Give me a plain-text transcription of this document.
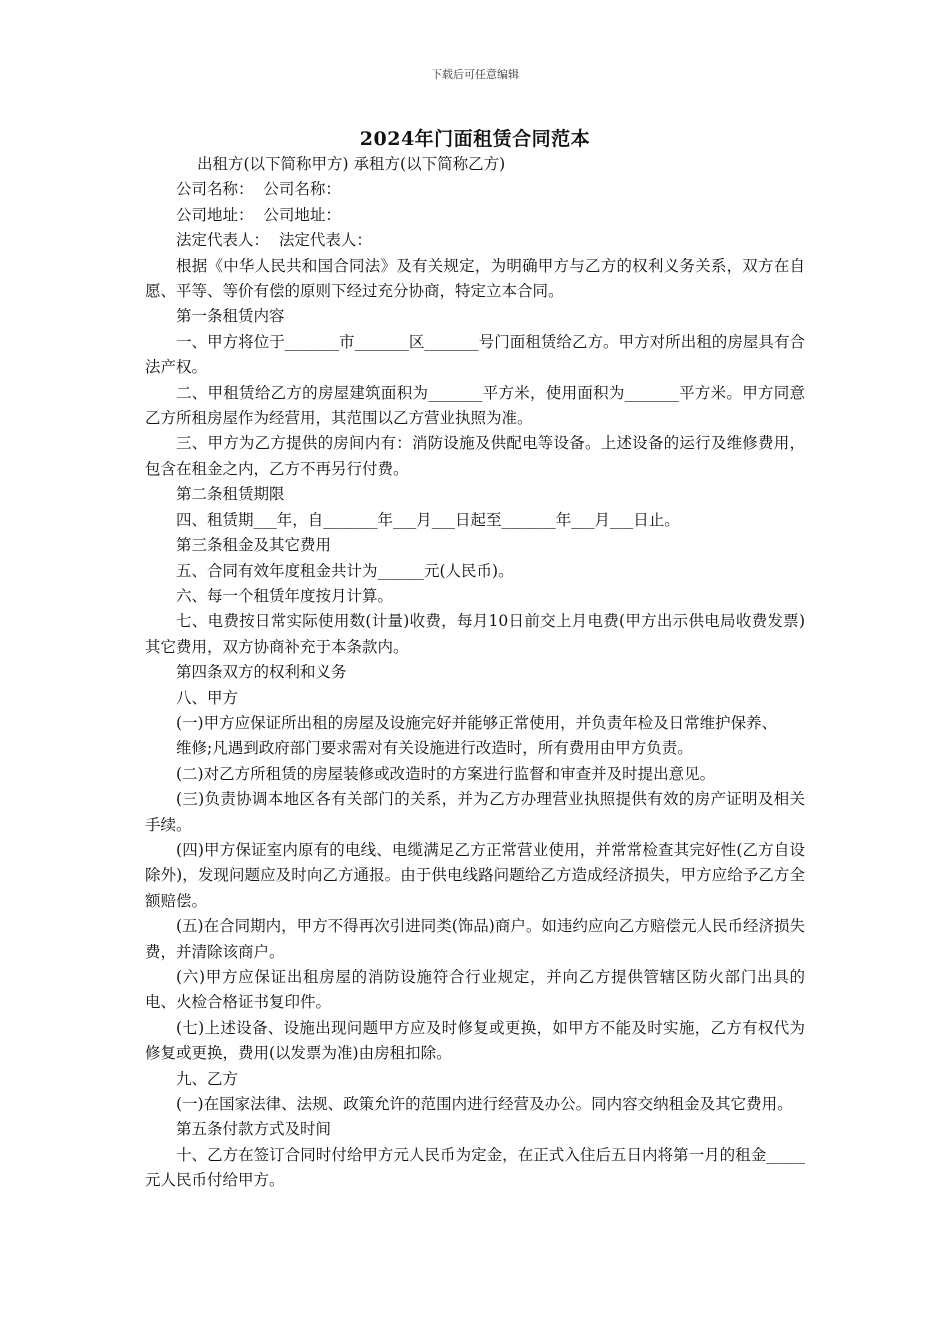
下载后可任意编辑
2024年门面租赁合同范本

出租方(以下简称甲方) 承租方(以下简称乙方)

公司名称：  公司名称：

公司地址：  公司地址：

法定代表人：  法定代表人：

根据《中华人民共和国合同法》及有关规定，为明确甲方与乙方的权利义务关系，双方在自愿、平等、等价有偿的原则下经过充分协商，特定立本合同。

第一条租赁内容

一、甲方将位于_______市_______区_______号门面租赁给乙方。甲方对所出租的房屋具有合法产权。

二、甲租赁给乙方的房屋建筑面积为_______平方米，使用面积为_______平方米。甲方同意乙方所租房屋作为经营用，其范围以乙方营业执照为准。

三、甲方为乙方提供的房间内有：消防设施及供配电等设备。上述设备的运行及维修费用，包含在租金之内，乙方不再另行付费。

第二条租赁期限

四、租赁期___年，自_______年___月___日起至_______年___月___日止。

第三条租金及其它费用

五、合同有效年度租金共计为______元(人民币)。

六、每一个租赁年度按月计算。

七、电费按日常实际使用数(计量)收费，每月10日前交上月电费(甲方出示供电局收费发票)其它费用，双方协商补充于本条款内。

第四条双方的权利和义务

八、甲方

(一)甲方应保证所出租的房屋及设施完好并能够正常使用，并负责年检及日常维护保养、

维修;凡遇到政府部门要求需对有关设施进行改造时，所有费用由甲方负责。

(二)对乙方所租赁的房屋装修或改造时的方案进行监督和审查并及时提出意见。

(三)负责协调本地区各有关部门的关系，并为乙方办理营业执照提供有效的房产证明及相关手续。

(四)甲方保证室内原有的电线、电缆满足乙方正常营业使用，并常常检查其完好性(乙方自设除外)，发现问题应及时向乙方通报。由于供电线路问题给乙方造成经济损失，甲方应给予乙方全额赔偿。

(五)在合同期内，甲方不得再次引进同类(饰品)商户。如违约应向乙方赔偿元人民币经济损失费，并清除该商户。

(六)甲方应保证出租房屋的消防设施符合行业规定，并向乙方提供管辖区防火部门出具的电、火检合格证书复印件。

(七)上述设备、设施出现问题甲方应及时修复或更换，如甲方不能及时实施，乙方有权代为修复或更换，费用(以发票为准)由房租扣除。

九、乙方

(一)在国家法律、法规、政策允许的范围内进行经营及办公。同内容交纳租金及其它费用。

第五条付款方式及时间

十、乙方在签订合同时付给甲方元人民币为定金，在正式入住后五日内将第一月的租金_____元人民币付给甲方。
